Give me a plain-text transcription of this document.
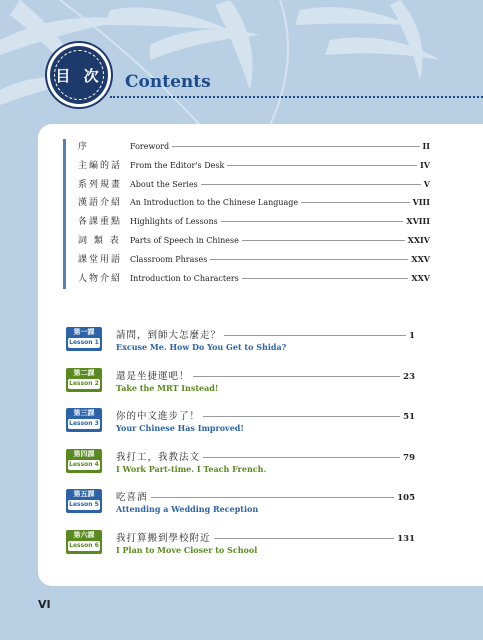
目 次 Contents
序	Foreword	II
主編的話 From the Editor's Desk	IV
系列規畫 About the Series	V
漢語介紹 An Introduction to the Chinese Language	VIII
各課重點 Highlights of Lessons	XVIII
詞 類 表	Parts of Speech in Chinese	XXIV
課堂用語 Classroom Phrases	XXV
人物介紹 Introduction to Characters	XXV
第一課
Lesson 1
請問，到師大怎麼走？	1
Excuse Me. How Do You Get to Shida?
第二課
Lesson 2
還是坐捷運吧！	23
Take the MRT Instead!
第三課
Lesson 3
你的中文進步了！	51
Your Chinese Has Improved!
第四課
Lesson 4
我打工，我教法文	79
I Work Part-time. I Teach French.
第五課
Lesson 5
吃喜酒	105
Attending a Wedding Reception
第六課
Lesson 6
我打算搬到學校附近	131
I Plan to Move Closer to School
VI
